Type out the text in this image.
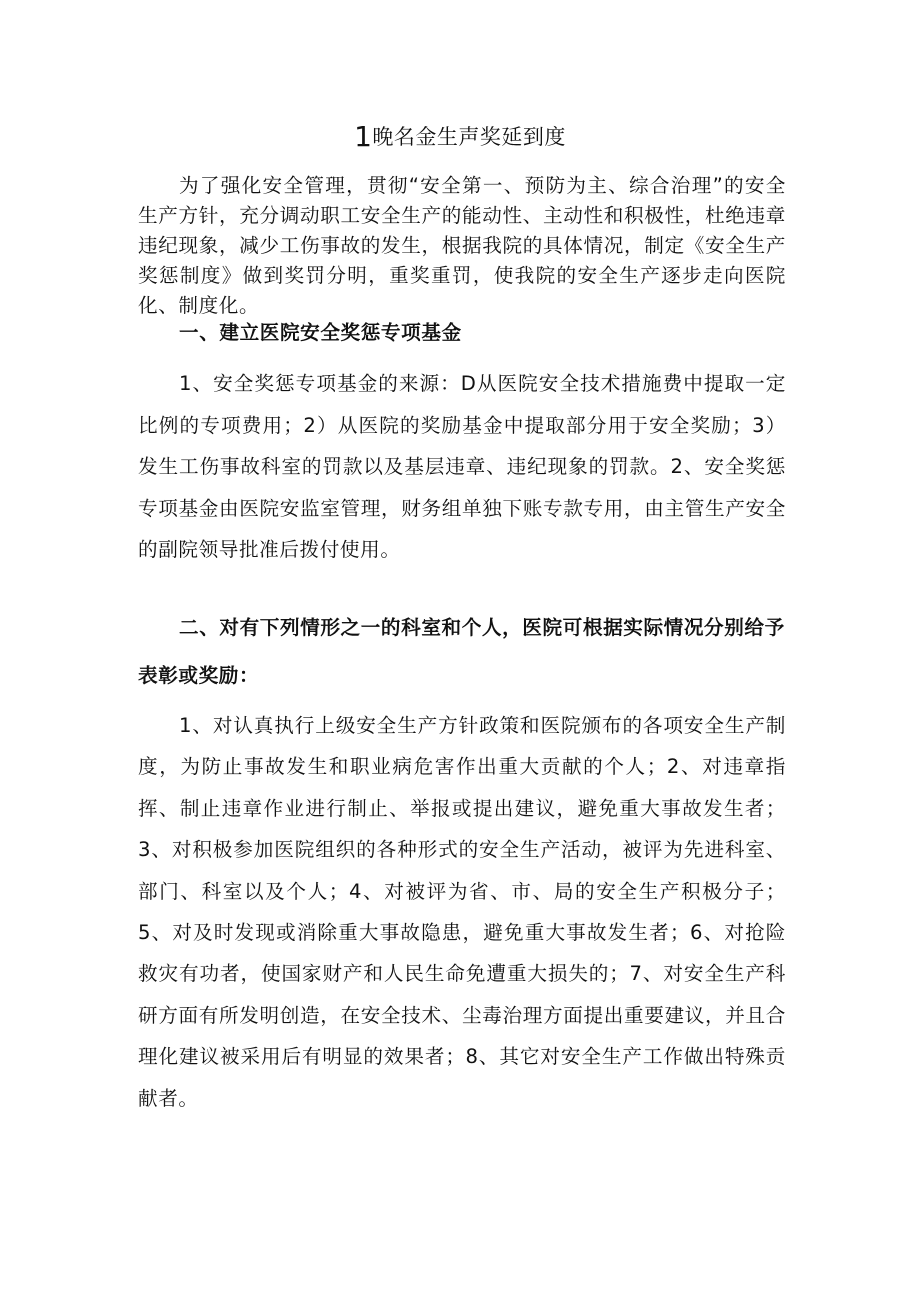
1晚名金生声奖延到度

为了强化安全管理，贯彻“安全第一、预防为主、综合治理”的安全生产方针，充分调动职工安全生产的能动性、主动性和积极性，杜绝违章违纪现象，减少工伤事故的发生，根据我院的具体情况，制定《安全生产奖惩制度》做到奖罚分明，重奖重罚，使我院的安全生产逐步走向医院化、制度化。

一、建立医院安全奖惩专项基金

1、安全奖惩专项基金的来源：D从医院安全技术措施费中提取一定比例的专项费用；2）从医院的奖励基金中提取部分用于安全奖励；3）发生工伤事故科室的罚款以及基层违章、违纪现象的罚款。2、安全奖惩专项基金由医院安监室管理，财务组单独下账专款专用，由主管生产安全的副院领导批准后拨付使用。

二、对有下列情形之一的科室和个人，医院可根据实际情况分别给予表彰或奖励：

1、对认真执行上级安全生产方针政策和医院颁布的各项安全生产制度，为防止事故发生和职业病危害作出重大贡献的个人；2、对违章指挥、制止违章作业进行制止、举报或提出建议，避免重大事故发生者；3、对积极参加医院组织的各种形式的安全生产活动，被评为先进科室、部门、科室以及个人；4、对被评为省、市、局的安全生产积极分子；5、对及时发现或消除重大事故隐患，避免重大事故发生者；6、对抢险救灾有功者，使国家财产和人民生命免遭重大损失的；7、对安全生产科研方面有所发明创造，在安全技术、尘毒治理方面提出重要建议，并且合理化建议被采用后有明显的效果者；8、其它对安全生产工作做出特殊贡献者。
